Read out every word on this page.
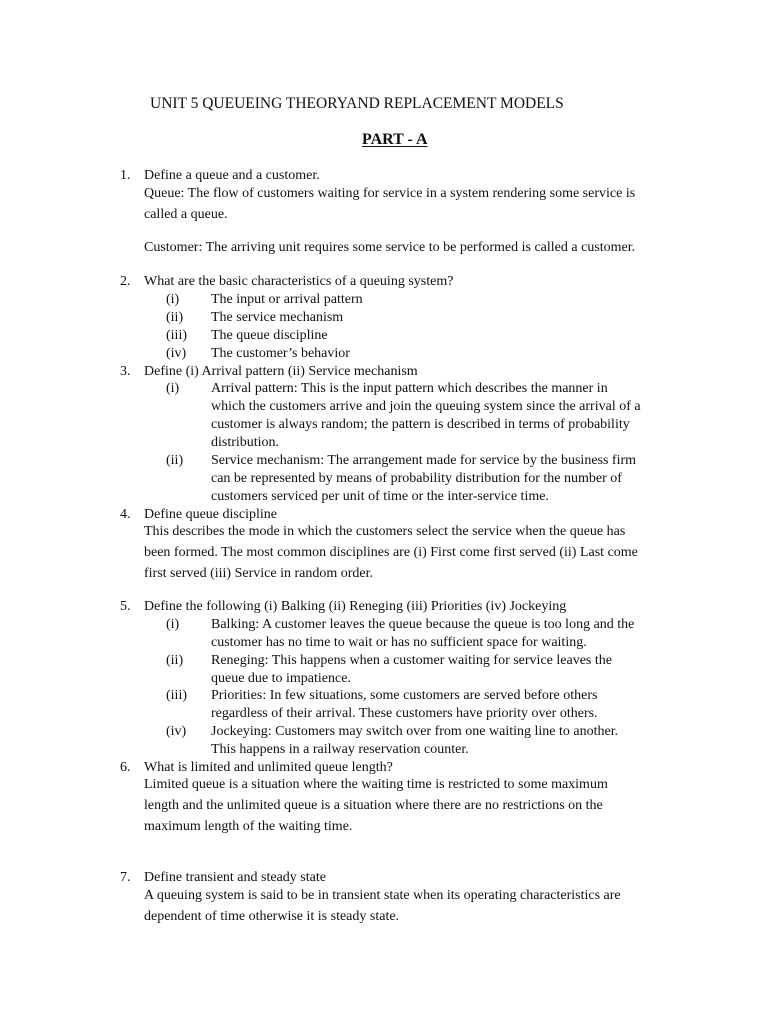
UNIT 5 QUEUEING THEORYAND REPLACEMENT MODELS
PART - A
1. Define a queue and a customer.
Queue: The flow of customers waiting for service in a system rendering some service is
called a queue.
Customer: The arriving unit requires some service to be performed is called a customer.
2. What are the basic characteristics of a queuing system?
(i) The input or arrival pattern
(ii) The service mechanism
(iii) The queue discipline
(iv) The customer’s behavior
3. Define (i) Arrival pattern (ii) Service mechanism
(i) Arrival pattern: This is the input pattern which describes the manner in
which the customers arrive and join the queuing system since the arrival of a
customer is always random; the pattern is described in terms of probability
distribution.
(ii) Service mechanism: The arrangement made for service by the business firm
can be represented by means of probability distribution for the number of
customers serviced per unit of time or the inter-service time.
4. Define queue discipline
This describes the mode in which the customers select the service when the queue has
been formed. The most common disciplines are (i) First come first served (ii) Last come
first served (iii) Service in random order.
5. Define the following (i) Balking (ii) Reneging (iii) Priorities (iv) Jockeying
(i) Balking: A customer leaves the queue because the queue is too long and the
customer has no time to wait or has no sufficient space for waiting.
(ii) Reneging: This happens when a customer waiting for service leaves the
queue due to impatience.
(iii) Priorities: In few situations, some customers are served before others
regardless of their arrival. These customers have priority over others.
(iv) Jockeying: Customers may switch over from one waiting line to another.
This happens in a railway reservation counter.
6. What is limited and unlimited queue length?
Limited queue is a situation where the waiting time is restricted to some maximum
length and the unlimited queue is a situation where there are no restrictions on the
maximum length of the waiting time.
7. Define transient and steady state
A queuing system is said to be in transient state when its operating characteristics are
dependent of time otherwise it is steady state.
